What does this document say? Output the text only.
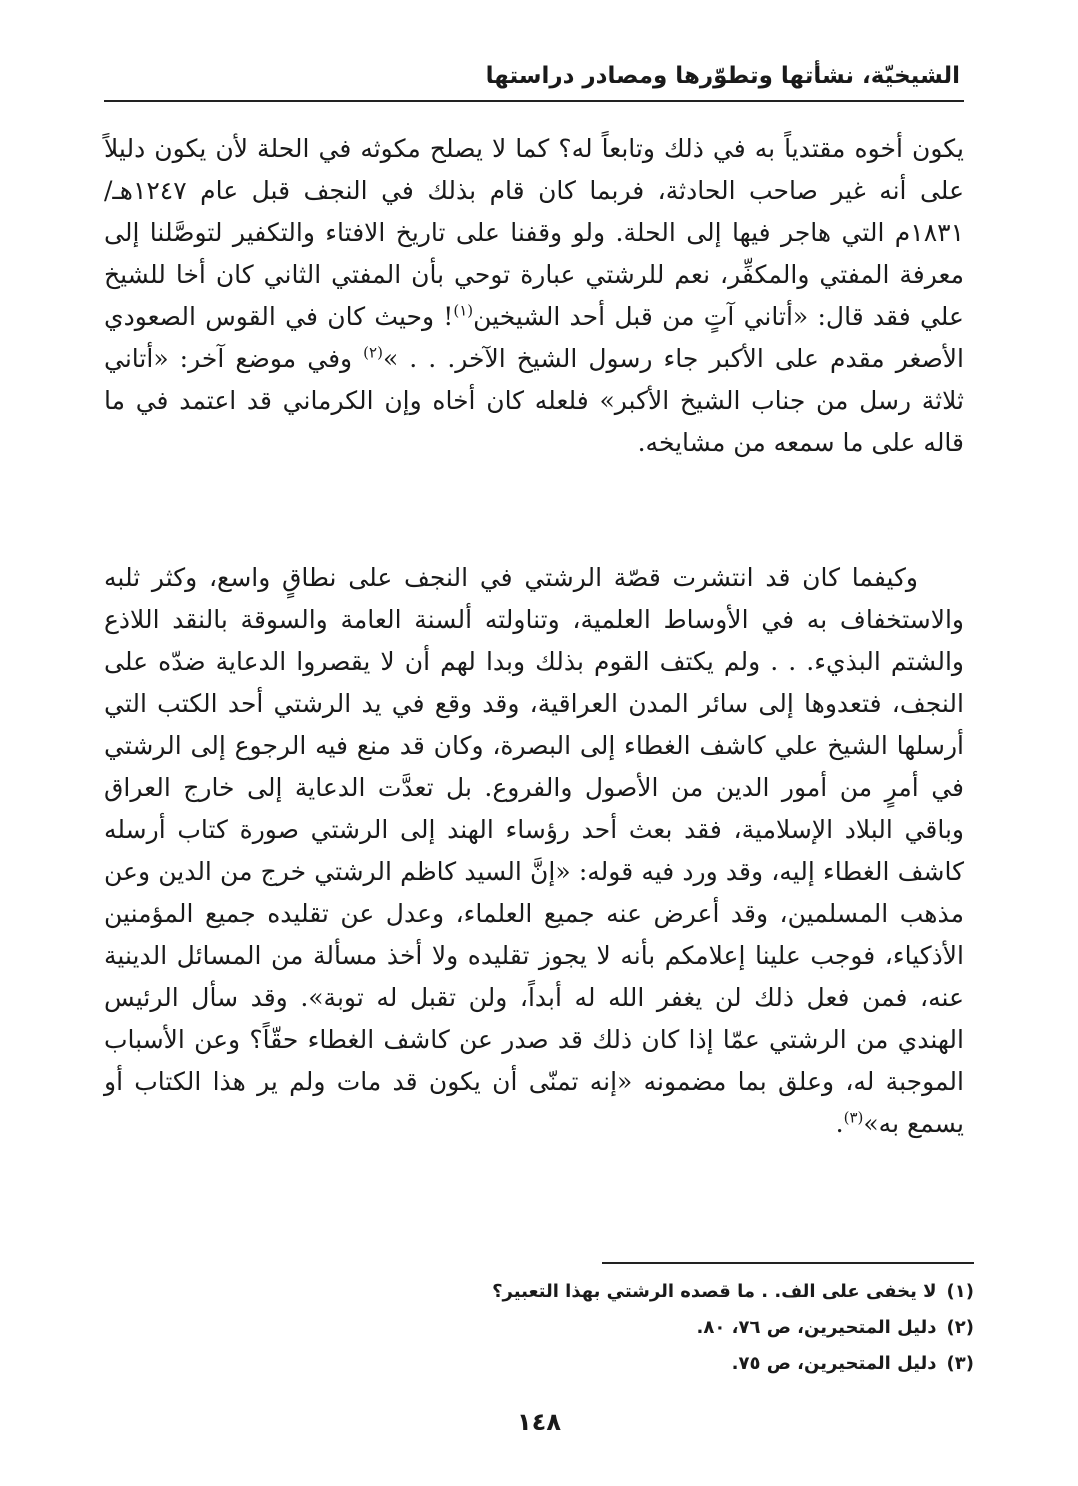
الشيخيّة، نشأتها وتطوّرها ومصادر دراستها

يكون أخوه مقتدياً به في ذلك وتابعاً له؟ كما لا يصلح مكوثه في الحلة لأن يكون دليلاً على أنه غير صاحب الحادثة، فربما كان قام بذلك في النجف قبل عام ١٢٤٧هـ/ ١٨٣١م التي هاجر فيها إلى الحلة. ولو وقفنا على تاريخ الافتاء والتكفير لتوصَّلنا إلى معرفة المفتي والمكفِّر، نعم للرشتي عبارة توحي بأن المفتي الثاني كان أخا للشيخ علي فقد قال: «أتاني آتٍ من قبل أحد الشيخين$^{(١)}$! وحيث كان في القوس الصعودي الأصغر مقدم على الأكبر جاء رسول الشيخ الآخر. . . »$^{(٢)}$ وفي موضع آخر: «أتاني ثلاثة رسل من جناب الشيخ الأكبر» فلعله كان أخاه وإن الكرماني قد اعتمد في ما قاله على ما سمعه من مشايخه.

وكيفما كان قد انتشرت قصّة الرشتي في النجف على نطاقٍ واسع، وكثر ثلبه والاستخفاف به في الأوساط العلمية، وتناولته ألسنة العامة والسوقة بالنقد اللاذع والشتم البذيء. . . ولم يكتف القوم بذلك وبدا لهم أن لا يقصروا الدعاية ضدّه على النجف، فتعدوها إلى سائر المدن العراقية، وقد وقع في يد الرشتي أحد الكتب التي أرسلها الشيخ علي كاشف الغطاء إلى البصرة، وكان قد منع فيه الرجوع إلى الرشتي في أمرٍ من أمور الدين من الأصول والفروع. بل تعدَّت الدعاية إلى خارج العراق وباقي البلاد الإسلامية، فقد بعث أحد رؤساء الهند إلى الرشتي صورة كتاب أرسله كاشف الغطاء إليه، وقد ورد فيه قوله: «إنَّ السيد كاظم الرشتي خرج من الدين وعن مذهب المسلمين، وقد أعرض عنه جميع العلماء، وعدل عن تقليده جميع المؤمنين الأذكياء، فوجب علينا إعلامكم بأنه لا يجوز تقليده ولا أخذ مسألة من المسائل الدينية عنه، فمن فعل ذلك لن يغفر الله له أبداً، ولن تقبل له توبة». وقد سأل الرئيس الهندي من الرشتي عمّا إذا كان ذلك قد صدر عن كاشف الغطاء حقّاً؟ وعن الأسباب الموجبة له، وعلق بما مضمونه «إنه تمنّى أن يكون قد مات ولم ير هذا الكتاب أو يسمع به»$^{(٣)}$.

(١)لا يخفى على الف. . ما قصده الرشتي بهذا التعبير؟
(٢)دليل المتحيرين، ص ٧٦، ٨٠.
(٣)دليل المتحيرين، ص ٧٥.
١٤٨
